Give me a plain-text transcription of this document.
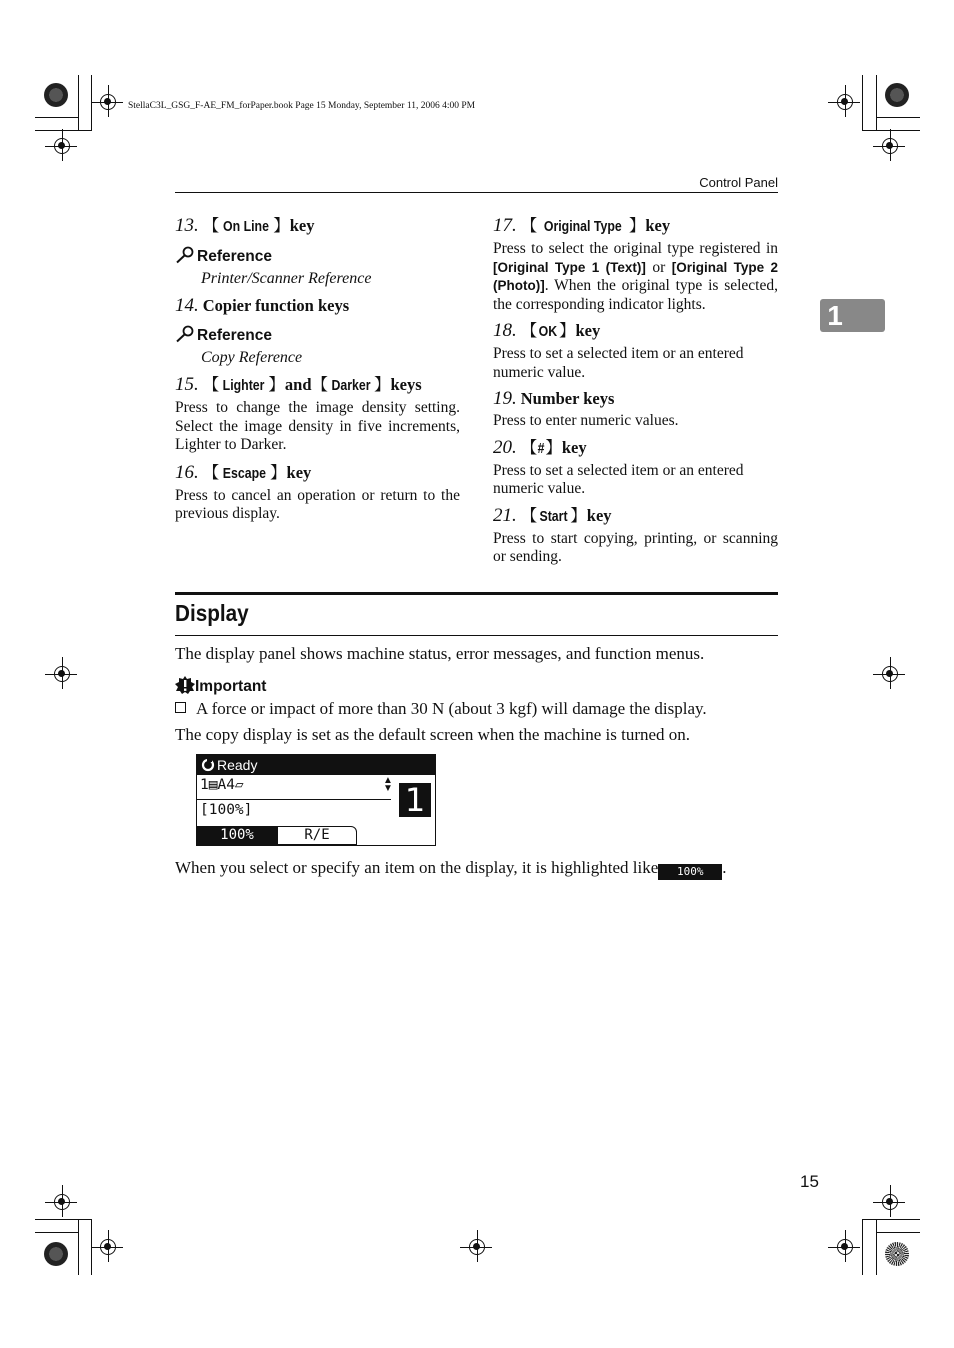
StellaC3L_GSG_F-AE_FM_forPaper.book Page 15 Monday, September 11, 2006 4:00 PM
Control Panel
1

13. 【 On Line 】key

Reference

Printer/Scanner Reference

14. Copier function keys

Reference

Copy Reference

15. 【 Lighter 】and【 Darker 】keys

Press to change the image density setting. Select the image density in five increments, Lighter to Darker.

16. 【 Escape 】key

Press to cancel an operation or return to the previous display.

17. 【 Original Type 】key

Press to select the original type registered in [Original Type 1 (Text)] or [Original Type 2 (Photo)]. When the original type is selected, the corresponding indicator lights.

18. 【 OK】key

Press to set a selected item or an entered numeric value.

19. Number keys

Press to enter numeric values.

20. 【#】key

Press to set a selected item or an entered numeric value.

21. 【 Start 】key

Press to start copying, printing, or scanning or sending.

Display
The display panel shows machine status, error messages, and function menus.
Important
A force or impact of more than 30 N (about 3 kgf) will damage the display.
The copy display is set as the default screen when the machine is turned on.
Ready
1▤A4▱	▲
▼
[100%]	1
100%	R/E
When you select or specify an item on the display, it is highlighted like 100% .
15
